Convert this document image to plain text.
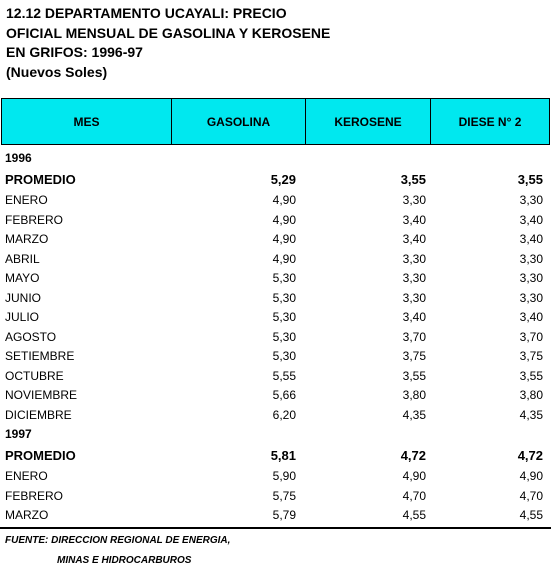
12.12 DEPARTAMENTO UCAYALI: PRECIO
OFICIAL MENSUAL DE GASOLINA Y KEROSENE
EN GRIFOS: 1996-97
(Nuevos Soles)
MES	GASOLINA	KEROSENE	DIESE N° 2
1996
PROMEDIO	5,29	3,55	3,55
ENERO	4,90	3,30	3,30
FEBRERO	4,90	3,40	3,40
MARZO	4,90	3,40	3,40
ABRIL	4,90	3,30	3,30
MAYO	5,30	3,30	3,30
JUNIO	5,30	3,30	3,30
JULIO	5,30	3,40	3,40
AGOSTO	5,30	3,70	3,70
SETIEMBRE	5,30	3,75	3,75
OCTUBRE	5,55	3,55	3,55
NOVIEMBRE	5,66	3,80	3,80
DICIEMBRE	6,20	4,35	4,35
1997
PROMEDIO	5,81	4,72	4,72
ENERO	5,90	4,90	4,90
FEBRERO	5,75	4,70	4,70
MARZO	5,79	4,55	4,55
FUENTE: DIRECCION REGIONAL DE ENERGIA,
MINAS E HIDROCARBUROS
